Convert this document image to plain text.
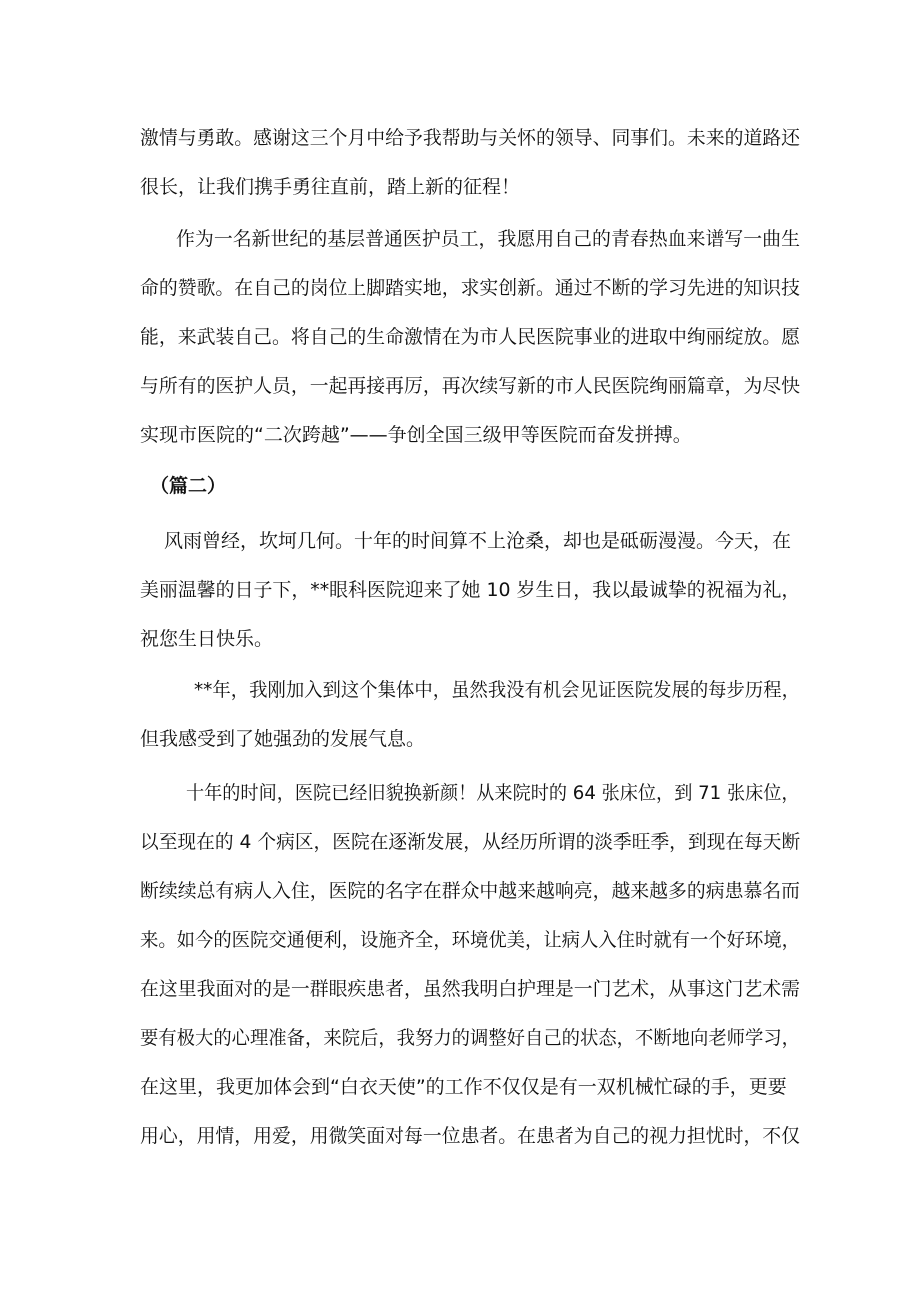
激情与勇敢。感谢这三个月中给予我帮助与关怀的领导、同事们。未来的道路还

很长，让我们携手勇往直前，踏上新的征程！

作为一名新世纪的基层普通医护员工，我愿用自己的青春热血来谱写一曲生

命的赞歌。在自己的岗位上脚踏实地，求实创新。通过不断的学习先进的知识技

能，来武装自己。将自己的生命激情在为市人民医院事业的进取中绚丽绽放。愿

与所有的医护人员，一起再接再厉，再次续写新的市人民医院绚丽篇章，为尽快

实现市医院的“二次跨越”——争创全国三级甲等医院而奋发拼搏。

（篇二）

风雨曾经，坎坷几何。十年的时间算不上沧桑，却也是砥砺漫漫。今天，在

美丽温馨的日子下，**眼科医院迎来了她 10 岁生日，我以最诚挚的祝福为礼，

祝您生日快乐。

**年，我刚加入到这个集体中，虽然我没有机会见证医院发展的每步历程，

但我感受到了她强劲的发展气息。

十年的时间，医院已经旧貌换新颜！从来院时的 64 张床位，到 71 张床位，

以至现在的 4 个病区，医院在逐渐发展，从经历所谓的淡季旺季，到现在每天断

断续续总有病人入住，医院的名字在群众中越来越响亮，越来越多的病患慕名而

来。如今的医院交通便利，设施齐全，环境优美，让病人入住时就有一个好环境，

在这里我面对的是一群眼疾患者，虽然我明白护理是一门艺术，从事这门艺术需

要有极大的心理准备，来院后，我努力的调整好自己的状态，不断地向老师学习，

在这里，我更加体会到“白衣天使”的工作不仅仅是有一双机械忙碌的手，更要

用心，用情，用爱，用微笑面对每一位患者。在患者为自己的视力担忧时，不仅
